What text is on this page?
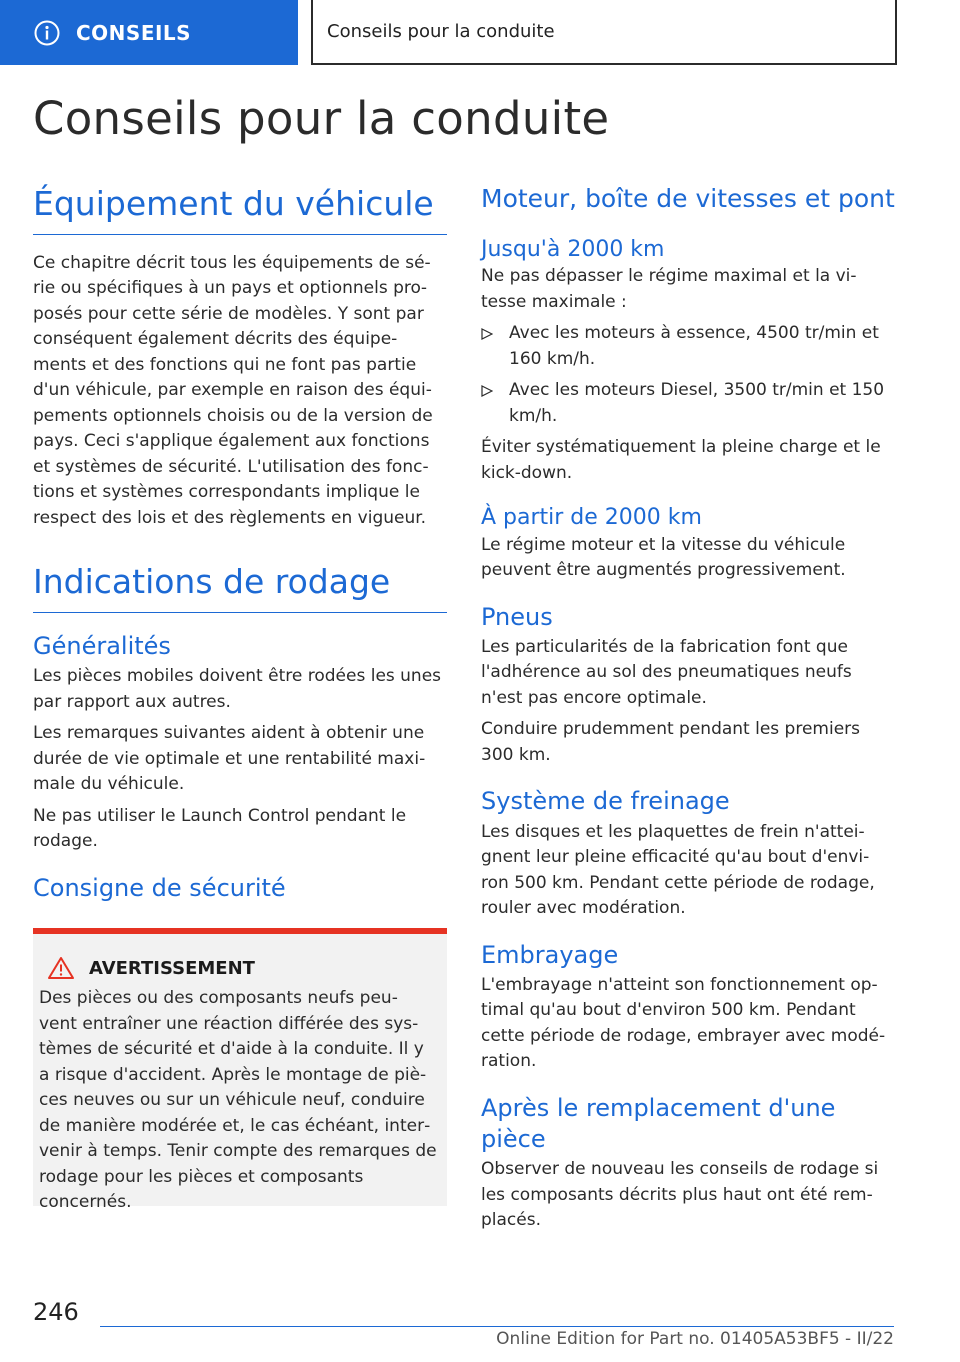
CONSEILS	Conseils pour la conduite
Conseils pour la conduite
Équipement du véhicule

Ce chapitre décrit tous les équipements de sé‐ rie ou spécifiques à un pays et optionnels pro‐ posés pour cette série de modèles. Y sont par conséquent également décrits des équipe‐ ments et des fonctions qui ne font pas partie d'un véhicule, par exemple en raison des équi‐ pements optionnels choisis ou de la version de pays. Ceci s'applique également aux fonctions et systèmes de sécurité. L'utilisation des fonc‐ tions et systèmes correspondants implique le respect des lois et des règlements en vigueur.

Indications de rodage
Généralités

Les pièces mobiles doivent être rodées les unes par rapport aux autres.

Les remarques suivantes aident à obtenir une durée de vie optimale et une rentabilité maxi‐ male du véhicule.

Ne pas utiliser le Launch Control pendant le rodage.

Consigne de sécurité
AVERTISSEMENT

Des pièces ou des composants neufs peu‐ vent entraîner une réaction différée des sys‐ tèmes de sécurité et d'aide à la conduite. Il y a risque d'accident. Après le montage de piè‐ ces neuves ou sur un véhicule neuf, conduire de manière modérée et, le cas échéant, inter‐ venir à temps. Tenir compte des remarques de rodage pour les pièces et composants concernés.

Moteur, boîte de vitesses et pont
Jusqu'à 2000 km

Ne pas dépasser le régime maximal et la vi‐ tesse maximale :

Avec les moteurs à essence, 4500 tr/min et 160 km/h.
Avec les moteurs Diesel, 3500 tr/min et 150 km/h.

Éviter systématiquement la pleine charge et le kick-down.

À partir de 2000 km

Le régime moteur et la vitesse du véhicule peuvent être augmentés progressivement.

Pneus

Les particularités de la fabrication font que l'adhérence au sol des pneumatiques neufs n'est pas encore optimale.

Conduire prudemment pendant les premiers 300 km.

Système de freinage

Les disques et les plaquettes de frein n'attei‐ gnent leur pleine efficacité qu'au bout d'envi‐ ron 500 km. Pendant cette période de rodage, rouler avec modération.

Embrayage

L'embrayage n'atteint son fonctionnement op‐ timal qu'au bout d'environ 500 km. Pendant cette période de rodage, embrayer avec modé‐ ration.

Après le remplacement d'une pièce

Observer de nouveau les conseils de rodage si les composants décrits plus haut ont été rem‐ placés.

246
Online Edition for Part no. 01405A53BF5 - II/22
